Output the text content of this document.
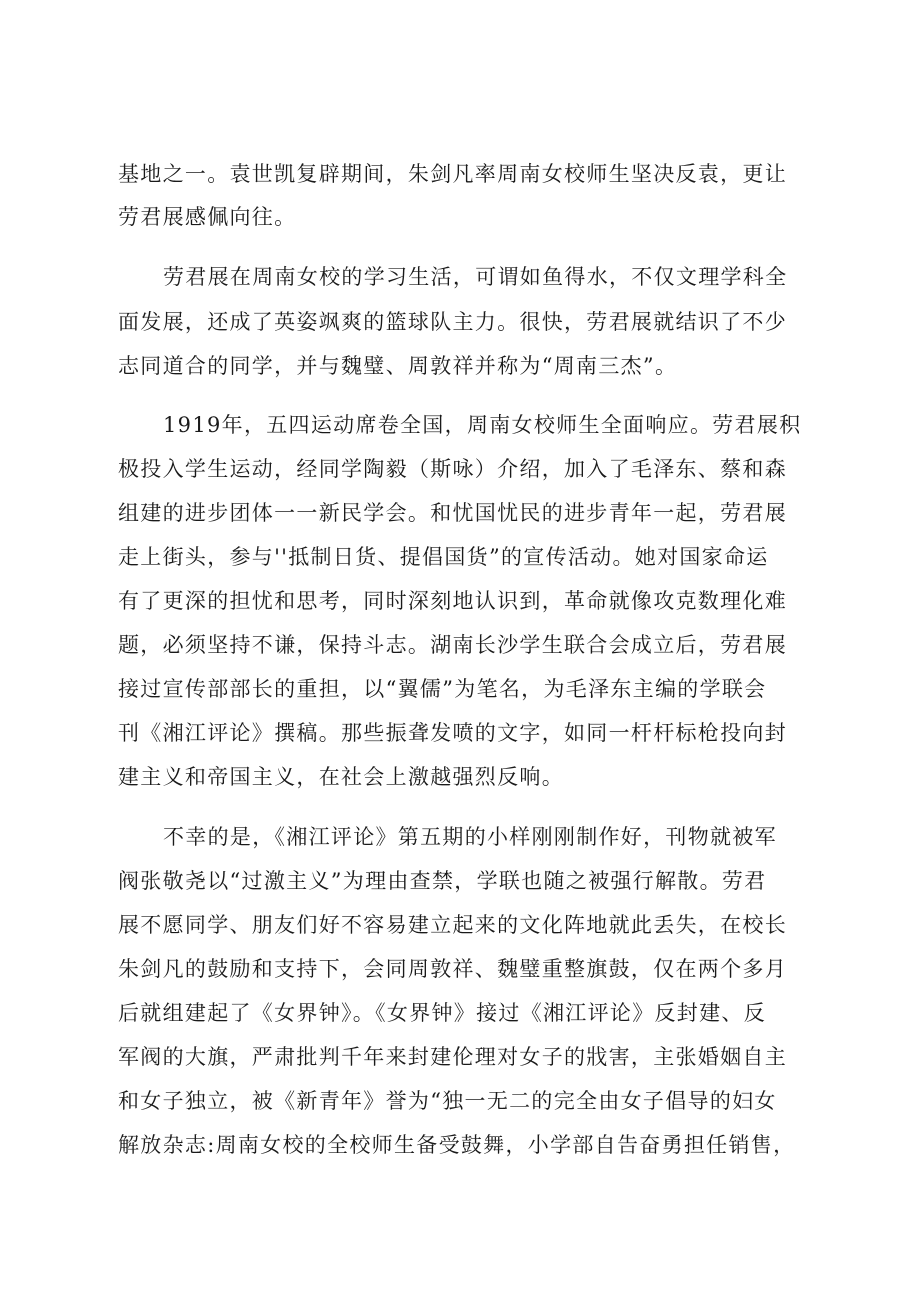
基地之一。袁世凯复辟期间，朱剑凡率周南女校师生坚决反袁，更让
劳君展感佩向往。
劳君展在周南女校的学习生活，可谓如鱼得水，不仅文理学科全
面发展，还成了英姿飒爽的篮球队主力。很快，劳君展就结识了不少
志同道合的同学，并与魏璧、周敦祥并称为“周南三杰”。
1919年，五四运动席卷全国，周南女校师生全面响应。劳君展积
极投入学生运动，经同学陶毅（斯咏）介绍，加入了毛泽东、蔡和森
组建的进步团体一一新民学会。和忧国忧民的进步青年一起，劳君展
走上街头，参与''抵制日货、提倡国货”的宣传活动。她对国家命运
有了更深的担忧和思考，同时深刻地认识到，革命就像攻克数理化难
题，必须坚持不谦，保持斗志。湖南长沙学生联合会成立后，劳君展
接过宣传部部长的重担，以“翼儒”为笔名，为毛泽东主编的学联会
刊《湘江评论》撰稿。那些振聋发喷的文字，如同一杆杆标枪投向封
建主义和帝国主义，在社会上激越强烈反响。
不幸的是，《湘江评论》第五期的小样刚刚制作好，刊物就被军
阀张敬尧以“过激主义”为理由查禁，学联也随之被强行解散。劳君
展不愿同学、朋友们好不容易建立起来的文化阵地就此丢失，在校长
朱剑凡的鼓励和支持下，会同周敦祥、魏璧重整旗鼓，仅在两个多月
后就组建起了《女界钟》。《女界钟》接过《湘江评论》反封建、反
军阀的大旗，严肃批判千年来封建伦理对女子的戕害，主张婚姻自主
和女子独立，被《新青年》誉为“独一无二的完全由女子倡导的妇女
解放杂志:周南女校的全校师生备受鼓舞，小学部自告奋勇担任销售，
